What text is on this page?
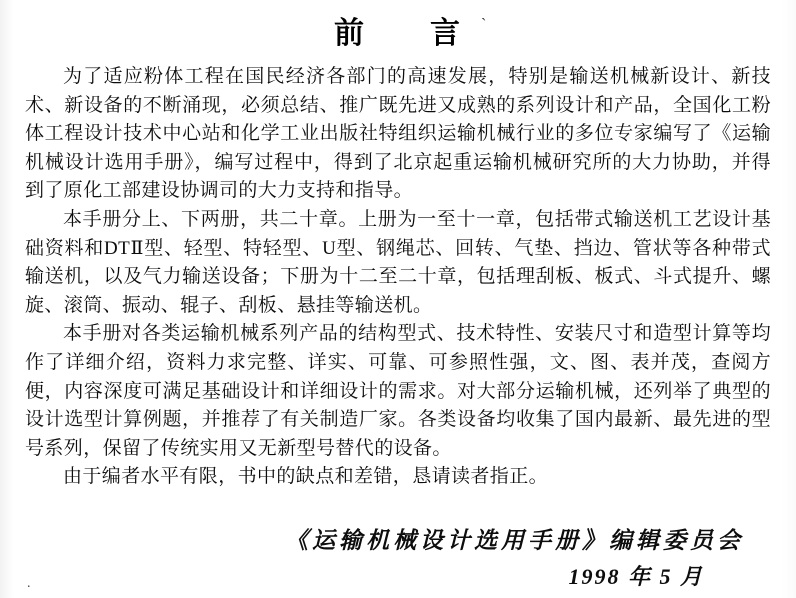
前　　言	`

为了适应粉体工程在国民经济各部门的高速发展，特别是输送机械新设计、新技术、新设备的不断涌现，必须总结、推广既先进又成熟的系列设计和产品，全国化工粉体工程设计技术中心站和化学工业出版社特组织运输机械行业的多位专家编写了《运输机械设计选用手册》，编写过程中，得到了北京起重运输机械研究所的大力协助，并得到了原化工部建设协调司的大力支持和指导。

本手册分上、下两册，共二十章。上册为一至十一章，包括带式输送机工艺设计基础资料和DTⅡ型、轻型、特轻型、U型、钢绳芯、回转、气垫、挡边、管状等各种带式输送机，以及气力输送设备；下册为十二至二十章，包括理刮板、板式、斗式提升、螺旋、滚筒、振动、辊子、刮板、悬挂等输送机。

本手册对各类运输机械系列产品的结构型式、技术特性、安装尺寸和造型计算等均作了详细介绍，资料力求完整、详实、可靠、可参照性强，文、图、表并茂，查阅方便，内容深度可满足基础设计和详细设计的需求。对大部分运输机械，还列举了典型的设计选型计算例题，并推荐了有关制造厂家。各类设备均收集了国内最新、最先进的型号系列，保留了传统实用又无新型号替代的设备。

由于编者水平有限，书中的缺点和差错，恳请读者指正。

《运输机械设计选用手册》编辑委员会
1998 年 5 月
.
